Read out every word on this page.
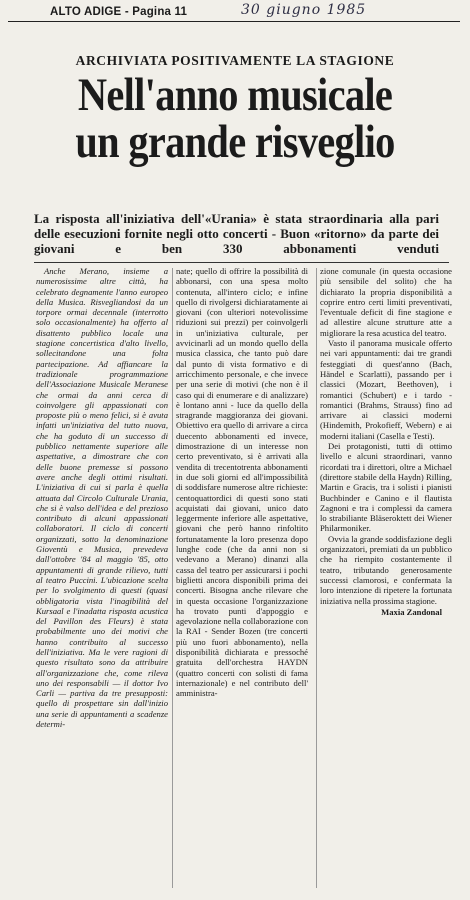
ALTO ADIGE - Pagina 11	30 giugno 1985
ARCHIVIATA POSITIVAMENTE LA STAGIONE
Nell'anno musicale
un grande risveglio
La risposta all'iniziativa dell'«Urania» è stata straordinaria alla pari delle esecuzioni fornite negli otto concerti - Buon «ritorno» da parte dei giovani e ben 330 abbonamenti venduti

Anche Merano, insieme a numerosissime altre città, ha celebrato degnamente l'anno europeo della Musica. Risvegliandosi da un torpore ormai decennale (interrotto solo occasionalmente) ha offerto al disattento pubblico locale una stagione concertistica d'alto livello, sollecitandone una folta partecipazione. Ad affiancare la tradizionale programmazione dell'Associazione Musicale Meranese che ormai da anni cerca di coinvolgere gli appassionati con proposte più o meno felici, si è avuta infatti un'iniziativa del tutto nuova, che ha goduto di un successo di pubblico nettamente superiore alle aspettative, a dimostrare che con delle buone premesse si possono avere anche degli ottimi risultati. L'iniziativa di cui si parla è quella attuata dal Circolo Culturale Urania, che si è valso dell'idea e del prezioso contributo di alcuni appassionati collaboratori. Il ciclo di concerti organizzati, sotto la denominazione Gioventù e Musica, prevedeva dall'ottobre '84 al maggio '85, otto appuntamenti di grande rilievo, tutti al teatro Puccini. L'ubicazione scelta per lo svolgimento di questi (quasi obbligatoria vista l'inagibilità del Kursaal e l'inadatta risposta acustica del Pavillon des Fleurs) è stata probabilmente uno dei motivi che hanno contribuito al successo dell'iniziativa. Ma le vere ragioni di questo risultato sono da attribuire all'organizzazione che, come rileva uno dei responsabili — il dottor Ivo Carli — partiva da tre presupposti: quello di prospettare sin dall'inizio una serie di appuntamenti a scadenze determi-

nate; quello di offrire la possibilità di abbonarsi, con una spesa molto contenuta, all'intero ciclo; e infine quello di rivolgersi dichiaratamente ai giovani (con ulteriori notevolissime riduzioni sui prezzi) per coinvolgerli in un'iniziativa culturale, per avvicinarli ad un mondo quello della musica classica, che tanto può dare dal punto di vista formativo e di arricchimento personale, e che invece per una serie di motivi (che non è il caso qui di enumerare e di analizzare) è lontano anni - luce da quello della stragrande maggioranza dei giovani. Obiettivo era quello di arrivare a circa duecento abbonamenti ed invece, dimostrazione di un interesse non certo preventivato, si è arrivati alla vendita di trecentotrenta abbonamenti in due soli giorni ed all'impossibilità di soddisfare numerose altre richieste: centoquattordici di questi sono stati acquistati dai giovani, unico dato leggermente inferiore alle aspettative, giovani che però hanno rinfoltito fortunatamente la loro presenza dopo lunghe code (che da anni non si vedevano a Merano) dinanzi alla cassa del teatro per assicurarsi i pochi biglietti ancora disponibili prima dei concerti. Bisogna anche rilevare che in questa occasione l'organizzazione ha trovato punti d'appoggio e agevolazione nella collaborazione con la RAI - Sender Bozen (tre concerti più uno fuori abbonamento), nella disponibilità dichiarata e pressoché gratuita dell'orchestra HAYDN (quattro concerti con solisti di fama internazionale) e nel contributo dell' amministra-

zione comunale (in questa occasione più sensibile del solito) che ha dichiarato la propria disponibilità a coprire entro certi limiti preventivati, l'eventuale deficit di fine stagione e ad allestire alcune strutture atte a migliorare la resa acustica del teatro.

Vasto il panorama musicale offerto nei vari appuntamenti: dai tre grandi festeggiati di quest'anno (Bach, Händel e Scarlatti), passando per i classici (Mozart, Beethoven), i romantici (Schubert) e i tardo - romantici (Brahms, Strauss) fino ad arrivare ai classici moderni (Hindemith, Prokofieff, Webern) e ai moderni italiani (Casella e Testi).

Dei protagonisti, tutti di ottimo livello e alcuni straordinari, vanno ricordati tra i direttori, oltre a Michael (direttore stabile della Haydn) Rilling, Martin e Gracis, tra i solisti i pianisti Buchbinder e Canino e il flautista Zagnoni e tra i complessi da camera lo strabiliante Bläseroktett dei Wiener Philarmoniker.

Ovvia la grande soddisfazione degli organizzatori, premiati da un pubblico che ha riempito costantemente il teatro, tributando generosamente successi clamorosi, e confermata la loro intenzione di ripetere la fortunata iniziativa nella prossima stagione.

Maxia Zandonal
